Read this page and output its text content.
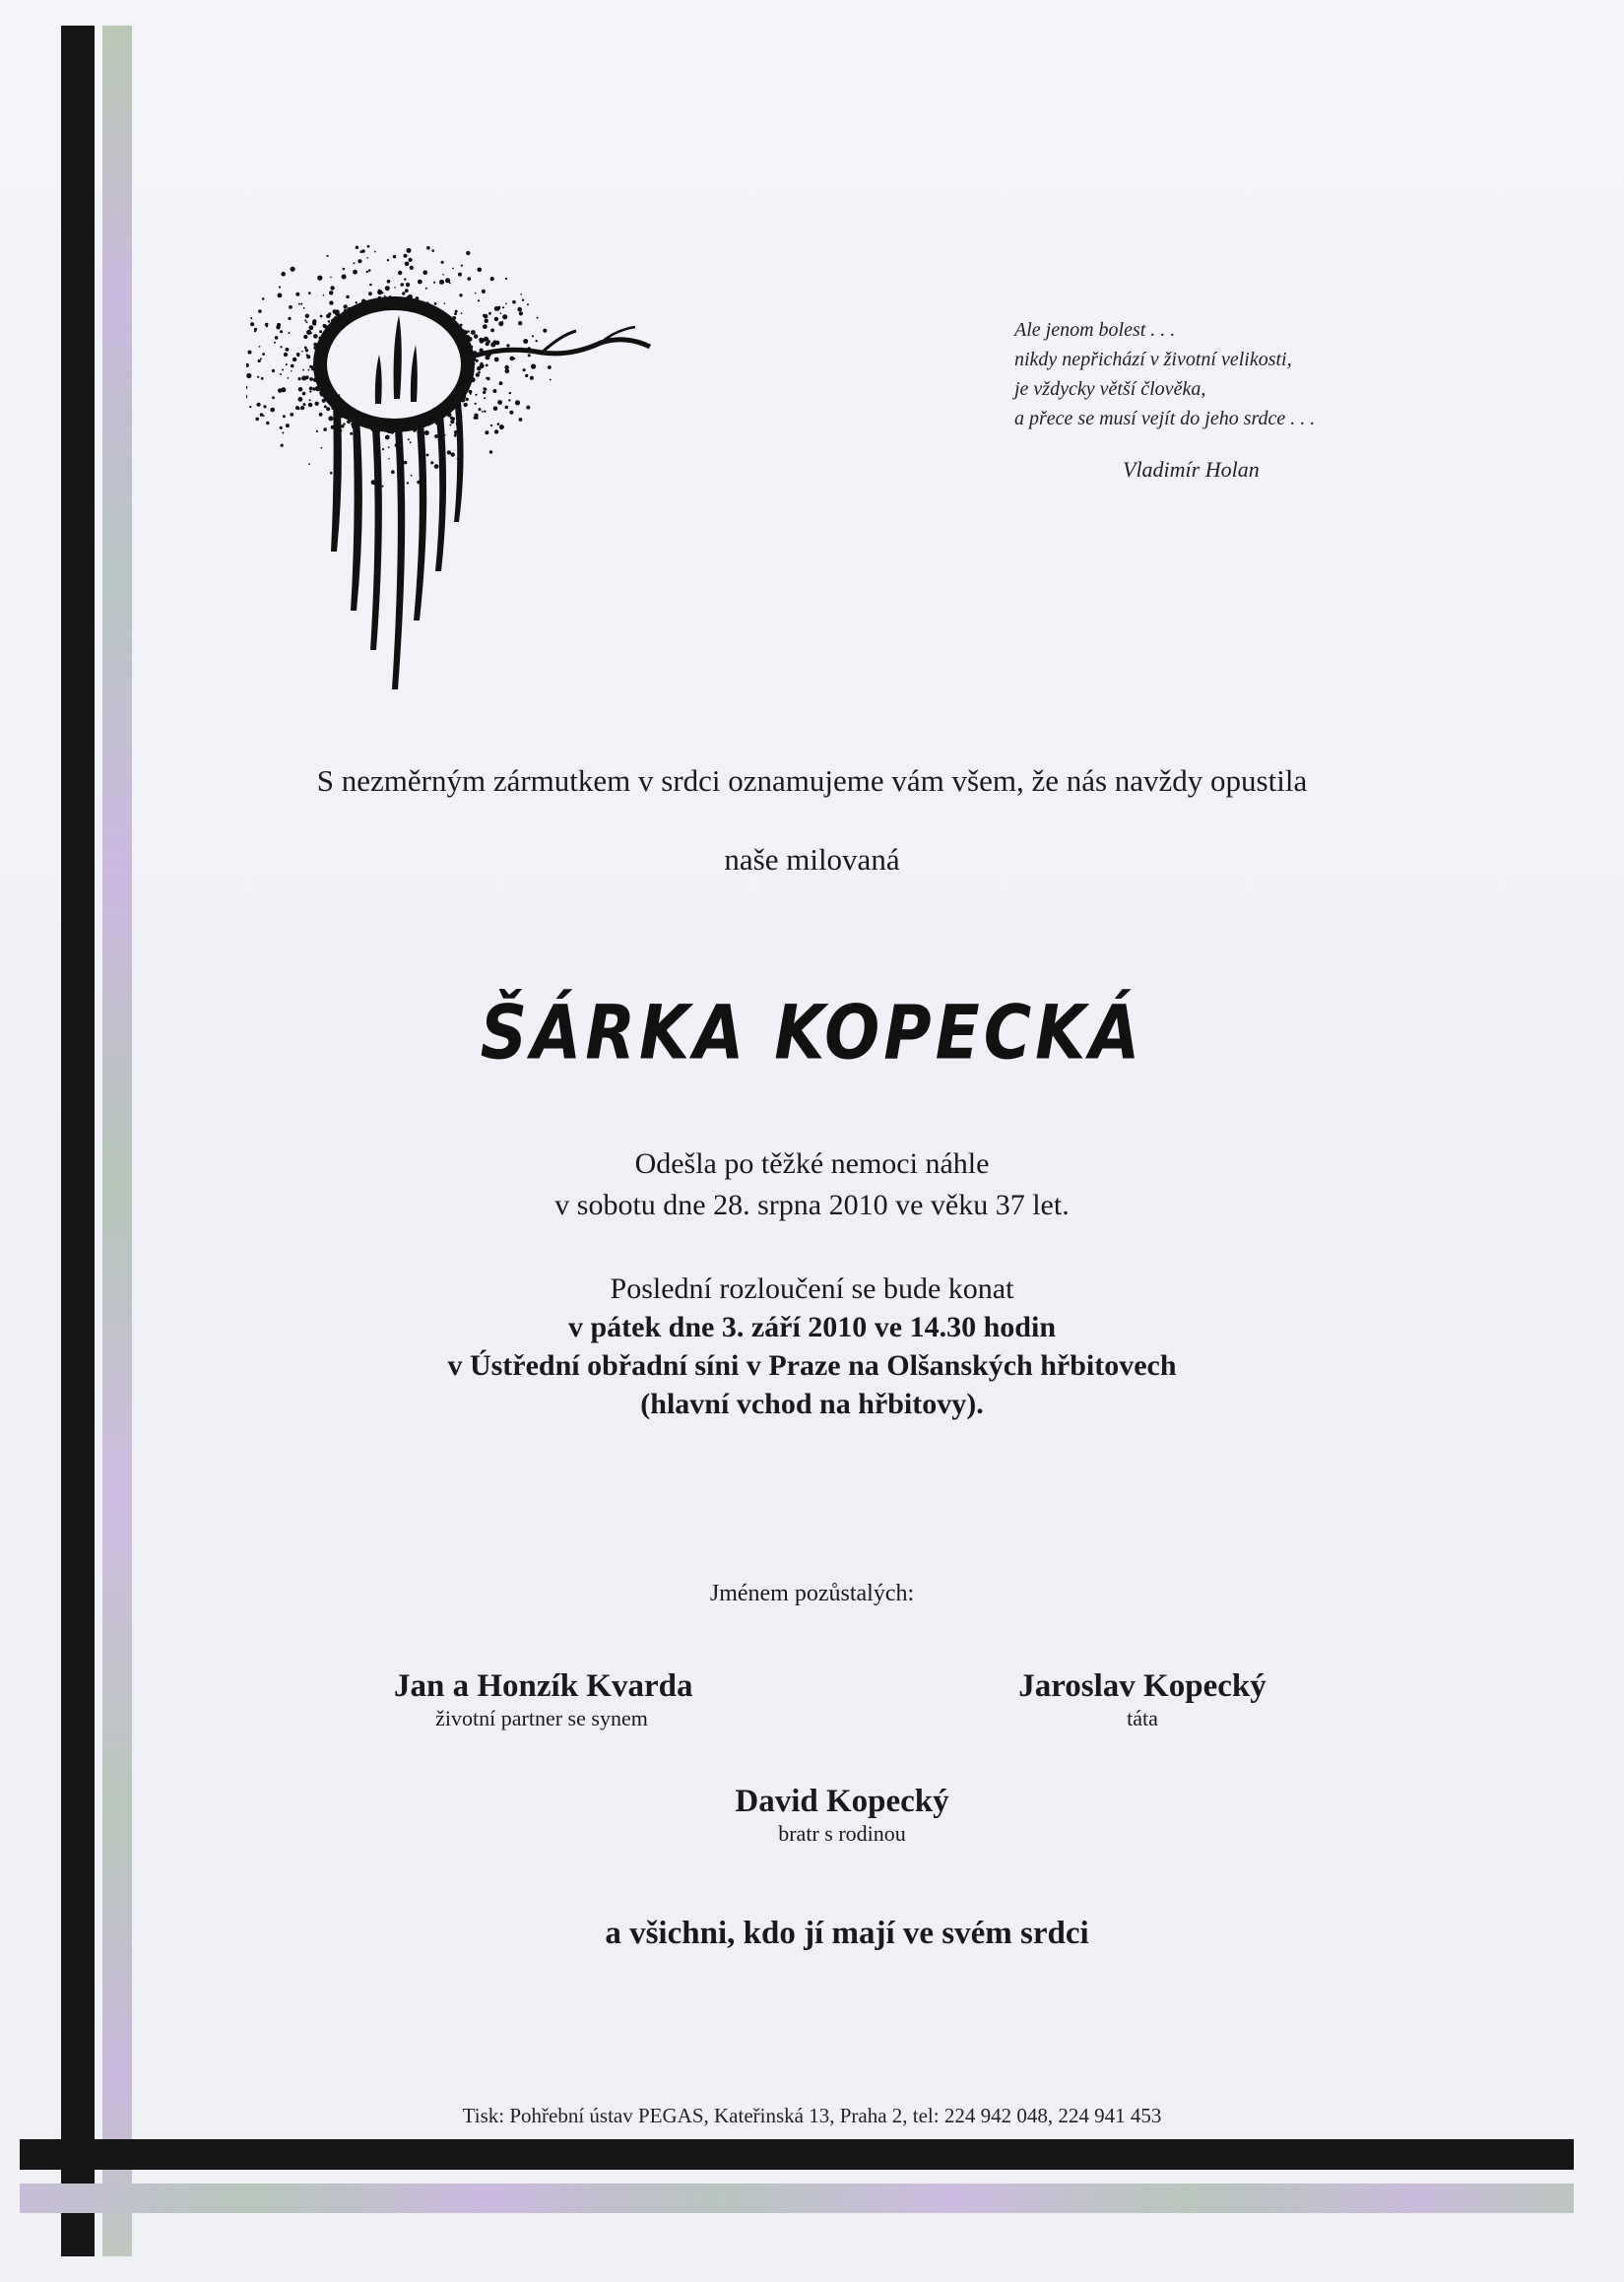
Ale jenom bolest . . .
nikdy nepřichází v životní velikosti,
je vždycky větší člověka,
a přece se musí vejít do jeho srdce . . .
Vladimír Holan
S nezměrným zármutkem v srdci oznamujeme vám všem, že nás navždy opustila
naše milovaná
ŠÁRKA KOPECKÁ
Odešla po těžké nemoci náhle
v sobotu dne 28. srpna 2010 ve věku 37 let.
Poslední rozloučení se bude konat
v pátek dne 3. září 2010 ve 14.30 hodin
v Ústřední obřadní síni v Praze na Olšanských hřbitovech
(hlavní vchod na hřbitovy).
Jménem pozůstalých:
Jan a Honzík Kvarda
životní partner se synem
Jaroslav Kopecký
táta
David Kopecký
bratr s rodinou
a všichni, kdo jí mají ve svém srdci
Tisk: Pohřební ústav PEGAS, Kateřinská 13, Praha 2, tel: 224 942 048, 224 941 453
